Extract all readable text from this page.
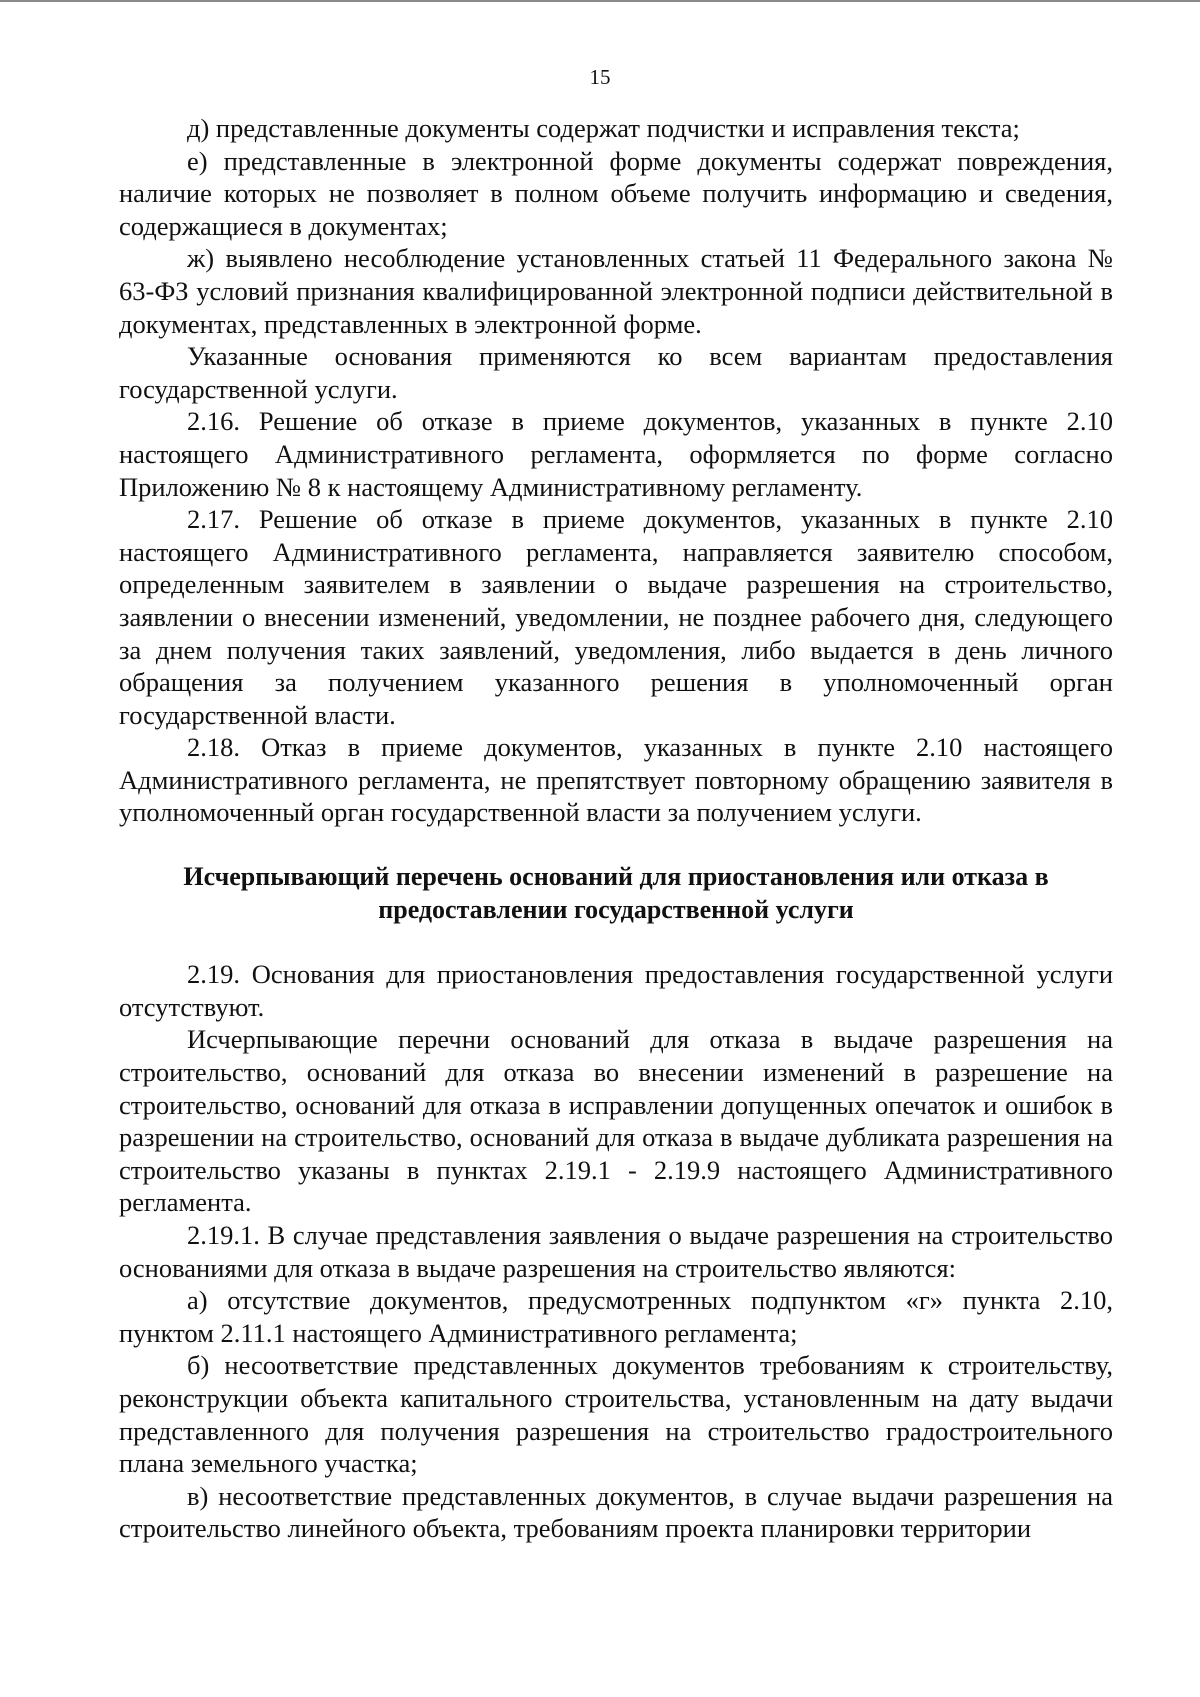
15

д) представленные документы содержат подчистки и исправления текста;

е) представленные в электронной форме документы содержат повреждения, наличие которых не позволяет в полном объеме получить информацию и сведения, содержащиеся в документах;

ж) выявлено несоблюдение установленных статьей 11 Федерального закона № 63-ФЗ условий признания квалифицированной электронной подписи действительной в документах, представленных в электронной форме.

Указанные основания применяются ко всем вариантам предоставления государственной услуги.

2.16. Решение об отказе в приеме документов, указанных в пункте 2.10 настоящего Административного регламента, оформляется по форме согласно Приложению № 8 к настоящему Административному регламенту.

2.17. Решение об отказе в приеме документов, указанных в пункте 2.10 настоящего Административного регламента, направляется заявителю способом, определенным заявителем в заявлении о выдаче разрешения на строительство, заявлении о внесении изменений, уведомлении, не позднее рабочего дня, следующего за днем получения таких заявлений, уведомления, либо выдается в день личного обращения за получением указанного решения в уполномоченный орган государственной власти.

2.18. Отказ в приеме документов, указанных в пункте 2.10 настоящего Административного регламента, не препятствует повторному обращению заявителя в уполномоченный орган государственной власти за получением услуги.

Исчерпывающий перечень оснований для приостановления или отказа в предоставлении государственной услуги

2.19. Основания для приостановления предоставления государственной услуги отсутствуют.

Исчерпывающие перечни оснований для отказа в выдаче разрешения на строительство, оснований для отказа во внесении изменений в разрешение на строительство, оснований для отказа в исправлении допущенных опечаток и ошибок в разрешении на строительство, оснований для отказа в выдаче дубликата разрешения на строительство указаны в пунктах 2.19.1 - 2.19.9 настоящего Административного регламента.

2.19.1. В случае представления заявления о выдаче разрешения на строительство основаниями для отказа в выдаче разрешения на строительство являются:

а) отсутствие документов, предусмотренных подпунктом «г» пункта 2.10, пунктом 2.11.1 настоящего Административного регламента;

б) несоответствие представленных документов требованиям к строительству, реконструкции объекта капитального строительства, установленным на дату выдачи представленного для получения разрешения на строительство градостроительного плана земельного участка;

в) несоответствие представленных документов, в случае выдачи разрешения на строительство линейного объекта, требованиям проекта планировки территории
